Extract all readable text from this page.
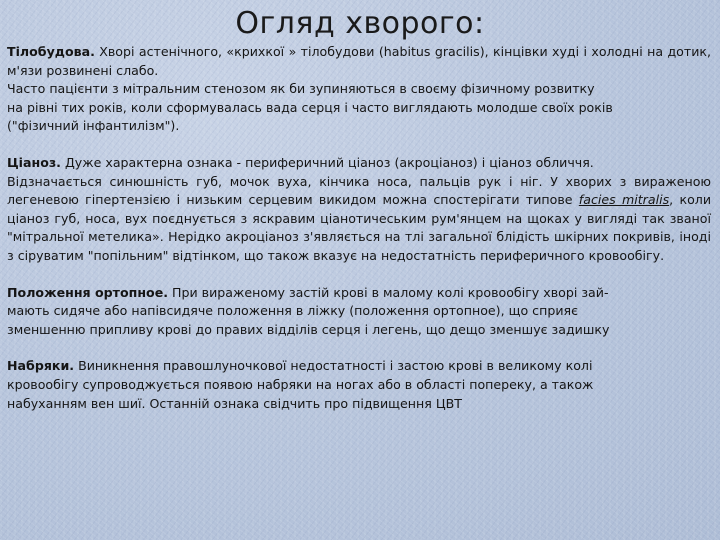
Огляд хворого:

Тілобудова. Хворі астенічного, «крихкої » тілобудови (habitus gracilis), кінцівки худі і холодні на дотик, м'язи розвинені слабо.

Часто пацієнти з мітральним стенозом як би зупиняються в своєму фізичному розвитку
на рівні тих років, коли сформувалась вада серця і часто виглядають молодше своїх років
("фізичний інфантилізм").

Ціаноз. Дуже характерна ознака - периферичний ціаноз (акроціаноз) і ціаноз обличчя.

Відзначається синюшність губ, мочок вуха, кінчика носа, пальців рук і ніг. У хворих з вираженою легеневою гіпертензією і низьким серцевим викидом можна спостерігати типове facies mitralis, коли ціаноз губ, носа, вух поєднується з яскравим ціанотичеським рум'янцем на щоках у вигляді так званої "мітральної метелика». Нерідко акроціаноз з'являється на тлі загальної блідість шкірних покривів, іноді з сіруватим "попільним" відтінком, що також вказує на недостатність периферичного кровообігу.

Положення ортопное. При вираженому застій крові в малому колі кровообігу хворі зай-
мають сидяче або напівсидяче положення в ліжку (положення ортопное), що сприяє
зменшенню припливу крові до правих відділів серця і легень, що дещо зменшує задишку

Набряки. Виникнення правошлуночкової недостатності і застою крові в великому колі
кровообігу супроводжується появою набряки на ногах або в області попереку, а також
набуханням вен шиї. Останній ознака свідчить про підвищення ЦВТ
